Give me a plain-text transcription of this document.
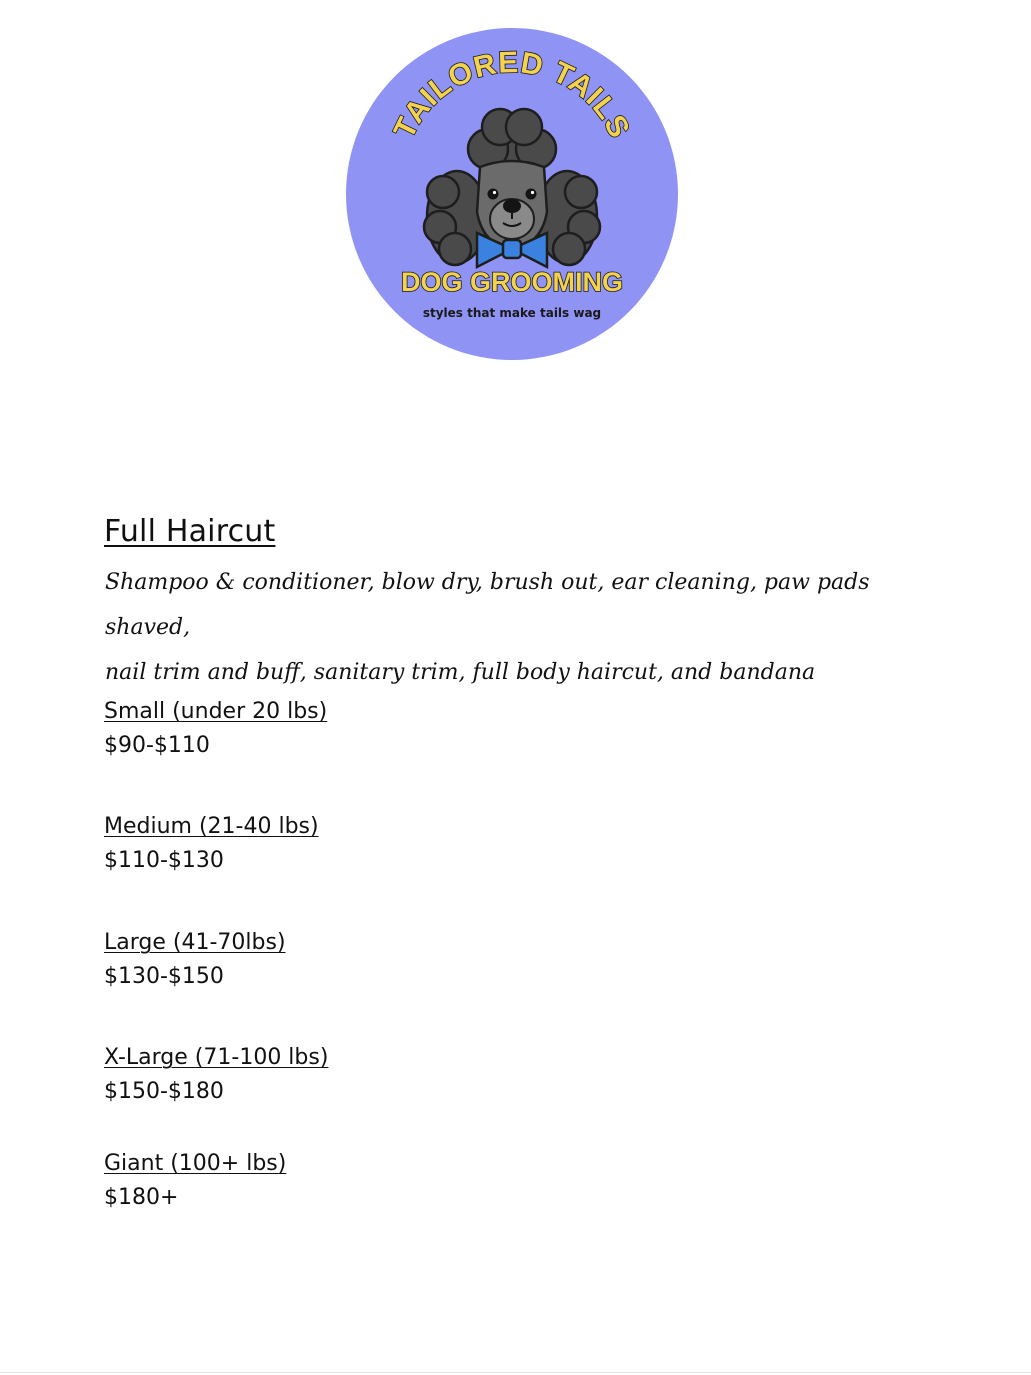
TAILORED TAILS
DOG GROOMING
styles that make tails wag
Full Haircut

Shampoo & conditioner, blow dry, brush out, ear cleaning, paw pads shaved,
nail trim and buff, sanitary trim, full body haircut, and bandana

Small (under 20 lbs)
$90-$110
Medium (21-40 lbs)
$110-$130
Large (41-70lbs)
$130-$150
X-Large (71-100 lbs)
$150-$180
Giant (100+ lbs)
$180+
